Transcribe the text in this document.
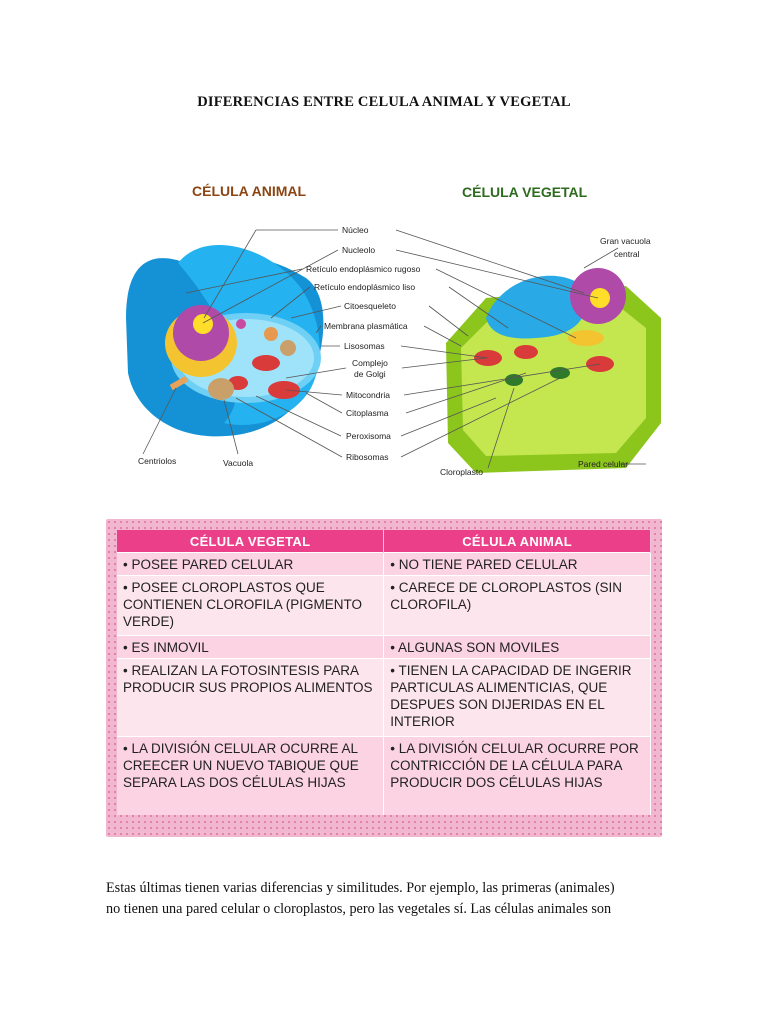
DIFERENCIAS ENTRE CELULA ANIMAL Y VEGETAL
CÉLULA ANIMAL	CÉLULA VEGETAL
Núcleo
Nucleolo
Retículo endoplásmico rugoso
Retículo endoplásmico liso
Citoesqueleto
Membrana plasmática
Lisosomas
Complejo
de Golgi
Mitocondria
Citoplasma
Peroxisoma
Ribosomas
Centriolos	Vacuola
Gran vacuola
central
Cloroplasto
Pared celular
CÉLULA VEGETAL	CÉLULA ANIMAL
• POSEE PARED CELULAR	• NO TIENE PARED CELULAR
• POSEE CLOROPLASTOS QUE CONTIENEN CLOROFILA (PIGMENTO VERDE)	• CARECE DE CLOROPLASTOS (SIN CLOROFILA)
• ES INMOVIL	• ALGUNAS SON MOVILES
• REALIZAN LA FOTOSINTESIS PARA PRODUCIR SUS PROPIOS ALIMENTOS	• TIENEN LA CAPACIDAD DE INGERIR PARTICULAS ALIMENTICIAS, QUE DESPUES SON DIJERIDAS EN EL INTERIOR
• LA DIVISIÓN CELULAR OCURRE AL CREECER UN NUEVO TABIQUE QUE SEPARA LAS DOS CÉLULAS HIJAS	• LA DIVISIÓN CELULAR OCURRE POR CONTRICCIÓN DE LA CÉLULA PARA PRODUCIR DOS CÉLULAS HIJAS
Estas últimas tienen varias diferencias y similitudes. Por ejemplo, las primeras (animales)
no tienen una pared celular o cloroplastos, pero las vegetales sí. Las células animales son
